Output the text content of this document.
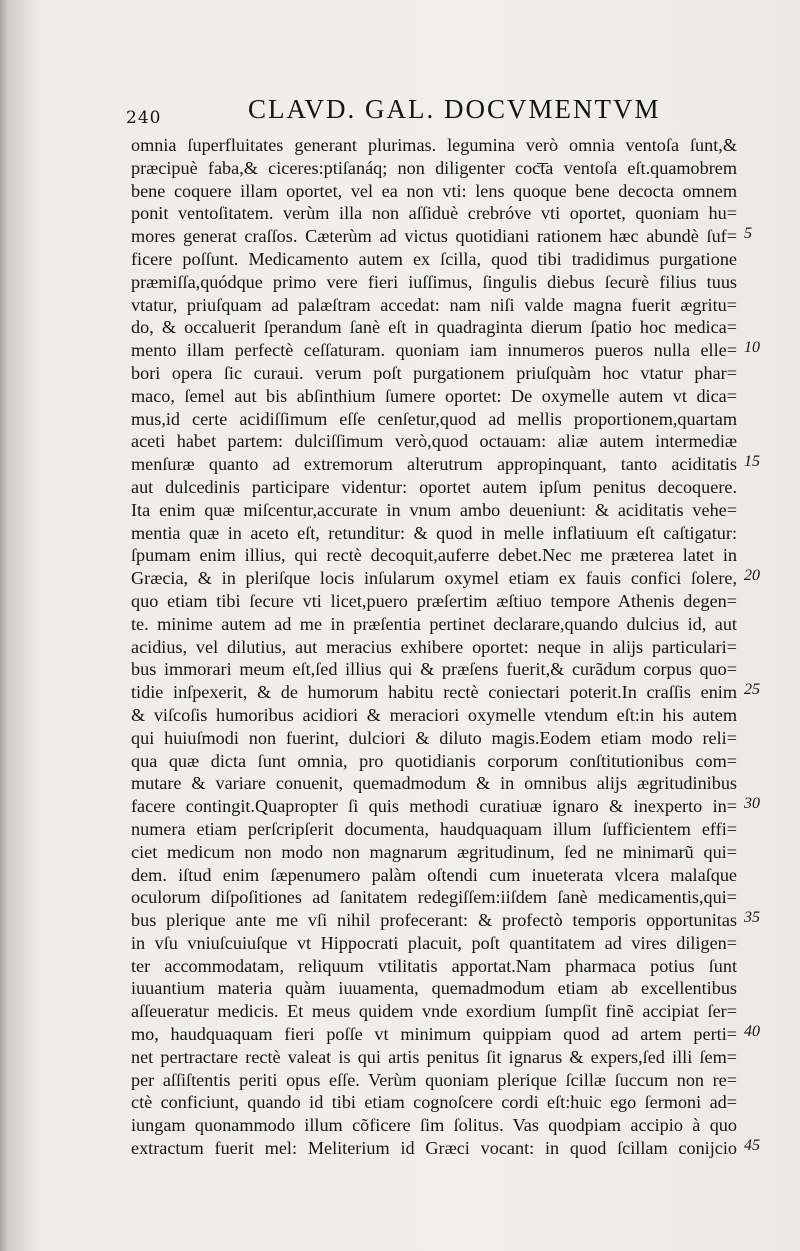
240	CLAVD. GAL. DOCVMENTVM
omnia ſuperfluitates generant plurimas. legumina verò omnia ventoſa ſunt,&
præcipuè faba,& ciceres:ptiſanáq; non diligenter coc͞ta ventoſa eſt.quamobrem
bene coquere illam oportet, vel ea non vti: lens quoque bene decocta omnem
ponit ventoſitatem. verùm illa non aſſiduè crebróve vti oportet, quoniam hu=
mores generat craſſos. Cæterùm ad victus quotidiani rationem hæc abundè ſuf=
ficere poſſunt. Medicamento autem ex ſcilla, quod tibi tradidimus purgatione
præmiſſa,quódque primo vere fieri iuſſimus, ſingulis diebus ſecurè filius tuus
vtatur, priuſquam ad palæſtram accedat: nam niſi valde magna fuerit ægritu=
do, & occaluerit ſperandum ſanè eſt in quadraginta dierum ſpatio hoc medica=
mento illam perfectè ceſſaturam. quoniam iam innumeros pueros nulla elle=
bori opera ſic curaui. verum poſt purgationem priuſquàm hoc vtatur phar=
maco, ſemel aut bis abſinthium ſumere oportet: De oxymelle autem vt dica=
mus,id certe acidiſſimum eſſe cenſetur,quod ad mellis proportionem,quartam
aceti habet partem: dulciſſimum verò,quod octauam: aliæ autem intermediæ
menſuræ quanto ad extremorum alterutrum appropinquant, tanto aciditatis
aut dulcedinis participare videntur: oportet autem ipſum penitus decoquere.
Ita enim quæ miſcentur,accurate in vnum ambo deueniunt: & aciditatis vehe=
mentia quæ in aceto eſt, retunditur: & quod in melle inflatiuum eſt caſtigatur:
ſpumam enim illius, qui rectè decoquit,auferre debet.Nec me præterea latet in
Græcia, & in pleriſque locis inſularum oxymel etiam ex fauis confici ſolere,
quo etiam tibi ſecure vti licet,puero præſertim æſtiuo tempore Athenis degen=
te. minime autem ad me in præſentia pertinet declarare,quando dulcius id, aut
acidius, vel dilutius, aut meracius exhibere oportet: neque in alijs particulari=
bus immorari meum eſt,ſed illius qui & præſens fuerit,& curãdum corpus quo=
tidie inſpexerit, & de humorum habitu rectè coniectari poterit.In craſſis enim
& viſcoſis humoribus acidiori & meraciori oxymelle vtendum eſt:in his autem
qui huiuſmodi non fuerint, dulciori & diluto magis.Eodem etiam modo reli=
qua quæ dicta ſunt omnia, pro quotidianis corporum conſtitutionibus com=
mutare & variare conuenit, quemadmodum & in omnibus alijs ægritudinibus
facere contingit.Quapropter ſi quis methodi curatiuæ ignaro & inexperto in=
numera etiam perſcripſerit documenta, haudquaquam illum ſufficientem effi=
ciet medicum non modo non magnarum ægritudinum, ſed ne minimarũ qui=
dem. iſtud enim ſæpenumero palàm oſtendi cum inueterata vlcera malaſque
oculorum diſpoſitiones ad ſanitatem redegiſſem:iiſdem ſanè medicamentis,qui=
bus plerique ante me vſi nihil profecerant: & profectò temporis opportunitas
in vſu vniuſcuiuſque vt Hippocrati placuit, poſt quantitatem ad vires diligen=
ter accommodatam, reliquum vtilitatis apportat.Nam pharmaca potius ſunt
iuuantium materia quàm iuuamenta, quemadmodum etiam ab excellentibus
aſſeueratur medicis. Et meus quidem vnde exordium ſumpſit finẽ accipiat ſer=
mo, haudquaquam fieri poſſe vt minimum quippiam quod ad artem perti=
net pertractare rectè valeat is qui artis penitus ſit ignarus & expers,ſed illi ſem=
per aſſiſtentis periti opus eſſe. Verùm quoniam plerique ſcillæ ſuccum non re=
ctè conficiunt, quando id tibi etiam cognoſcere cordi eſt:huic ego ſermoni ad=
iungam quonammodo illum cõficere ſim ſolitus. Vas quodpiam accipio à quo
extractum fuerit mel: Meliterium id Græci vocant: in quod ſcillam conijcio
5
10
15
20
25
30
35
40
45
